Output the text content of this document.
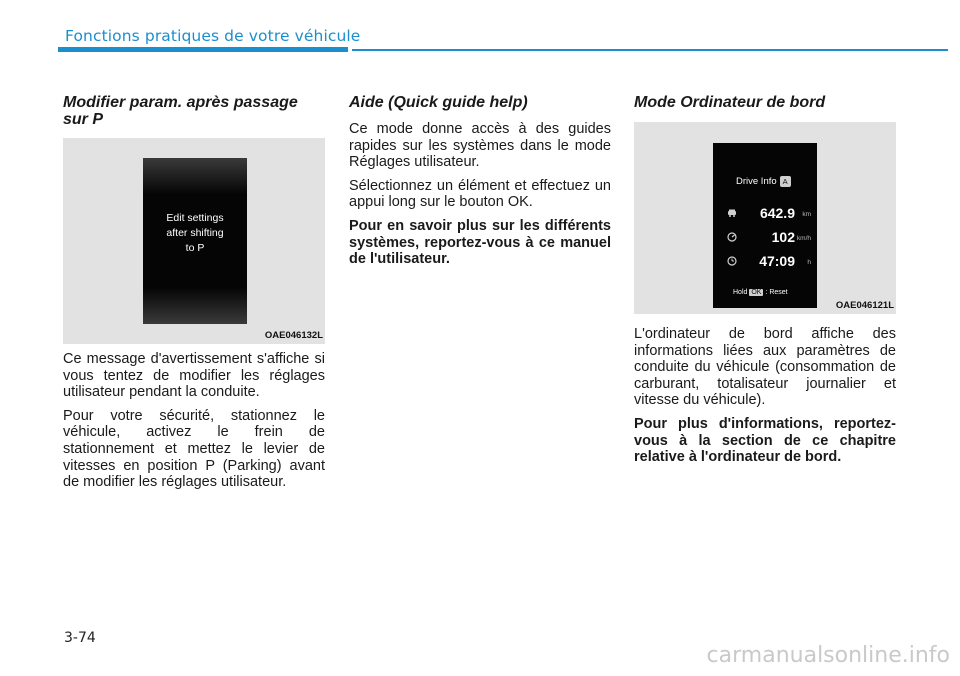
Fonctions pratiques de votre véhicule
Modifier param. après passage sur P
Edit settings
after shifting
to P
OAE046132L

Ce message d'avertissement s'affiche si vous tentez de modifier les réglages utilisateur pendant la conduite.

Pour votre sécurité, stationnez le véhicule, activez le frein de stationnement et mettez le levier de vitesses en position P (Parking) avant de modifier les réglages utilisateur.

Aide (Quick guide help)

Ce mode donne accès à des guides rapides sur les systèmes dans le mode Réglages utilisateur.

Sélectionnez un élément et effectuez un appui long sur le bouton OK.

Pour en savoir plus sur les différents systèmes, reportez-vous à ce manuel de l'utilisateur.

Mode Ordinateur de bord
Drive Info A
642.9 km
102 km/h
47:09 h
Hold OK : Reset
OAE046121L

L'ordinateur de bord affiche des informations liées aux paramètres de conduite du véhicule (consommation de carburant, totalisateur journalier et vitesse du véhicule).

Pour plus d'informations, reportez-vous à la section de ce chapitre relative à l'ordinateur de bord.

3-74
carmanualsonline.info
